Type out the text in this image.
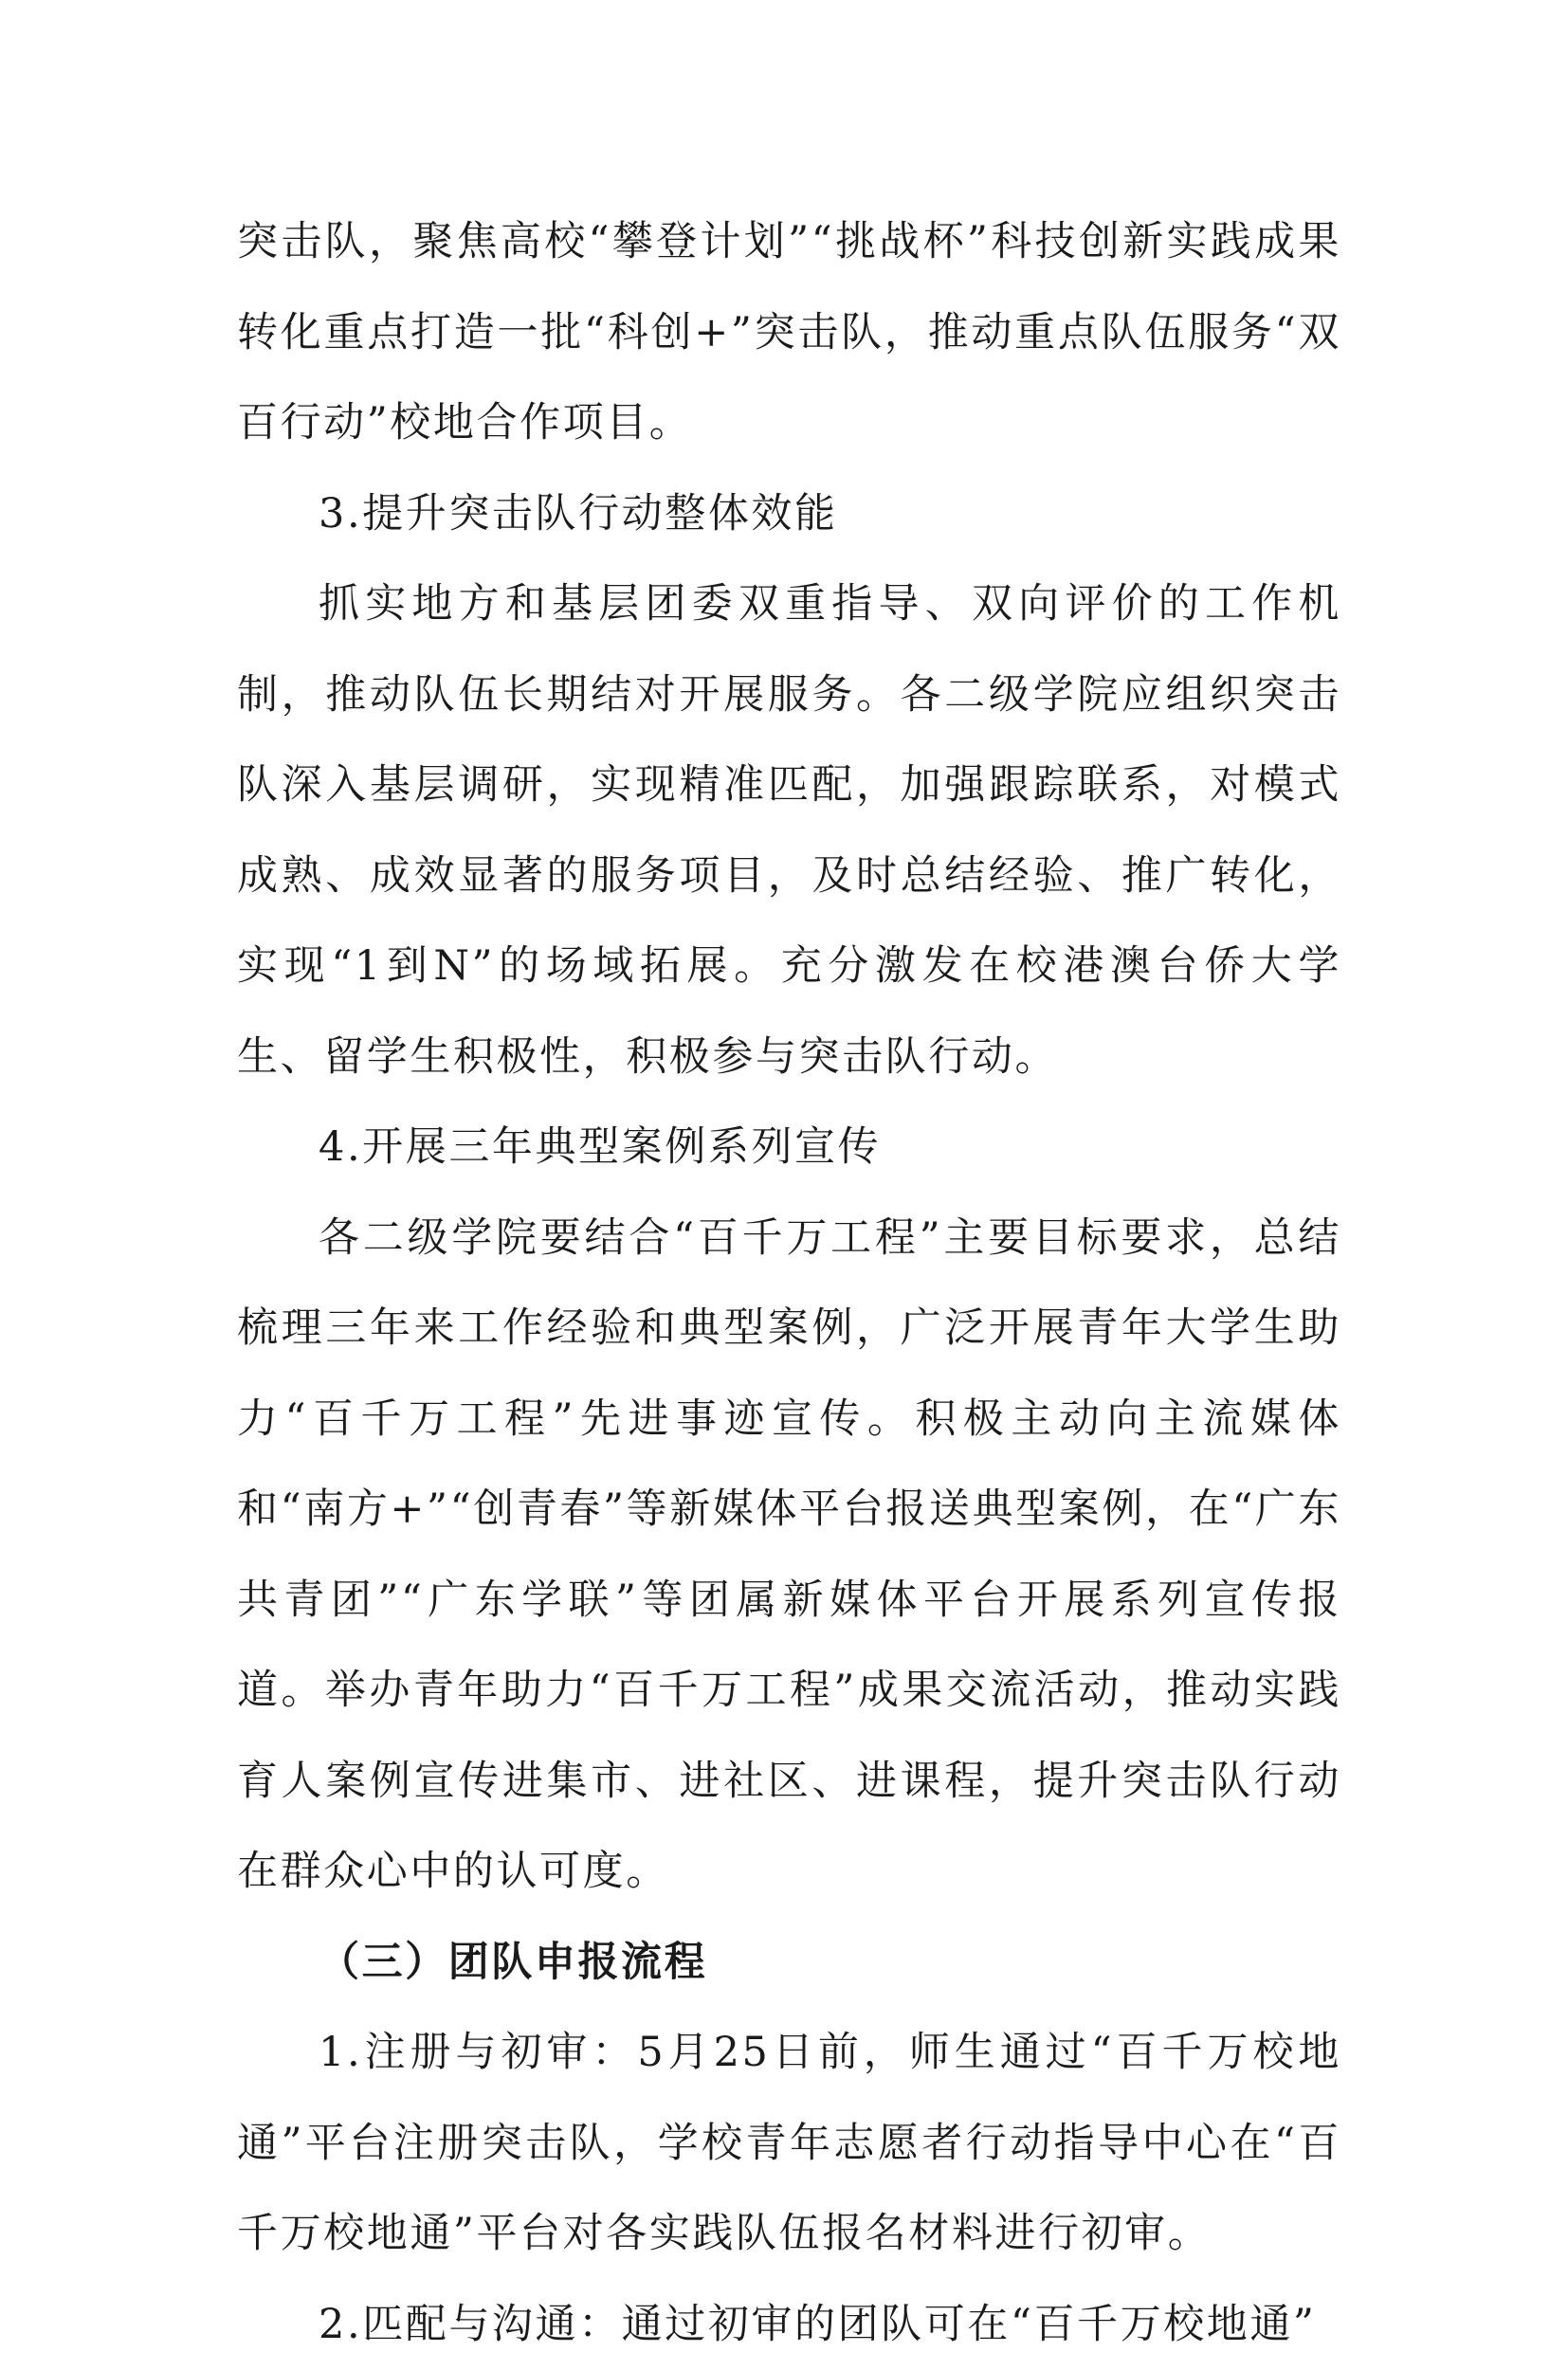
突击队，聚焦高校“攀登计划”“挑战杯”科技创新实践成果转化重点打造一批“科创+”突击队，推动重点队伍服务“双百行动”校地合作项目。

3.提升突击队行动整体效能

抓实地方和基层团委双重指导、双向评价的工作机制，推动队伍长期结对开展服务。各二级学院应组织突击队深入基层调研，实现精准匹配，加强跟踪联系，对模式成熟、成效显著的服务项目，及时总结经验、推广转化，实现“1到N”的场域拓展。充分激发在校港澳台侨大学生、留学生积极性，积极参与突击队行动。

4.开展三年典型案例系列宣传

各二级学院要结合“百千万工程”主要目标要求，总结梳理三年来工作经验和典型案例，广泛开展青年大学生助力“百千万工程”先进事迹宣传。积极主动向主流媒体和“南方+”“创青春”等新媒体平台报送典型案例，在“广东共青团”“广东学联”等团属新媒体平台开展系列宣传报道。举办青年助力“百千万工程”成果交流活动，推动实践育人案例宣传进集市、进社区、进课程，提升突击队行动在群众心中的认可度。

（三）团队申报流程

1.注册与初审：5月25日前，师生通过“百千万校地通”平台注册突击队，学校青年志愿者行动指导中心在“百千万校地通”平台对各实践队伍报名材料进行初审。

2.匹配与沟通：通过初审的团队可在“百千万校地通”
